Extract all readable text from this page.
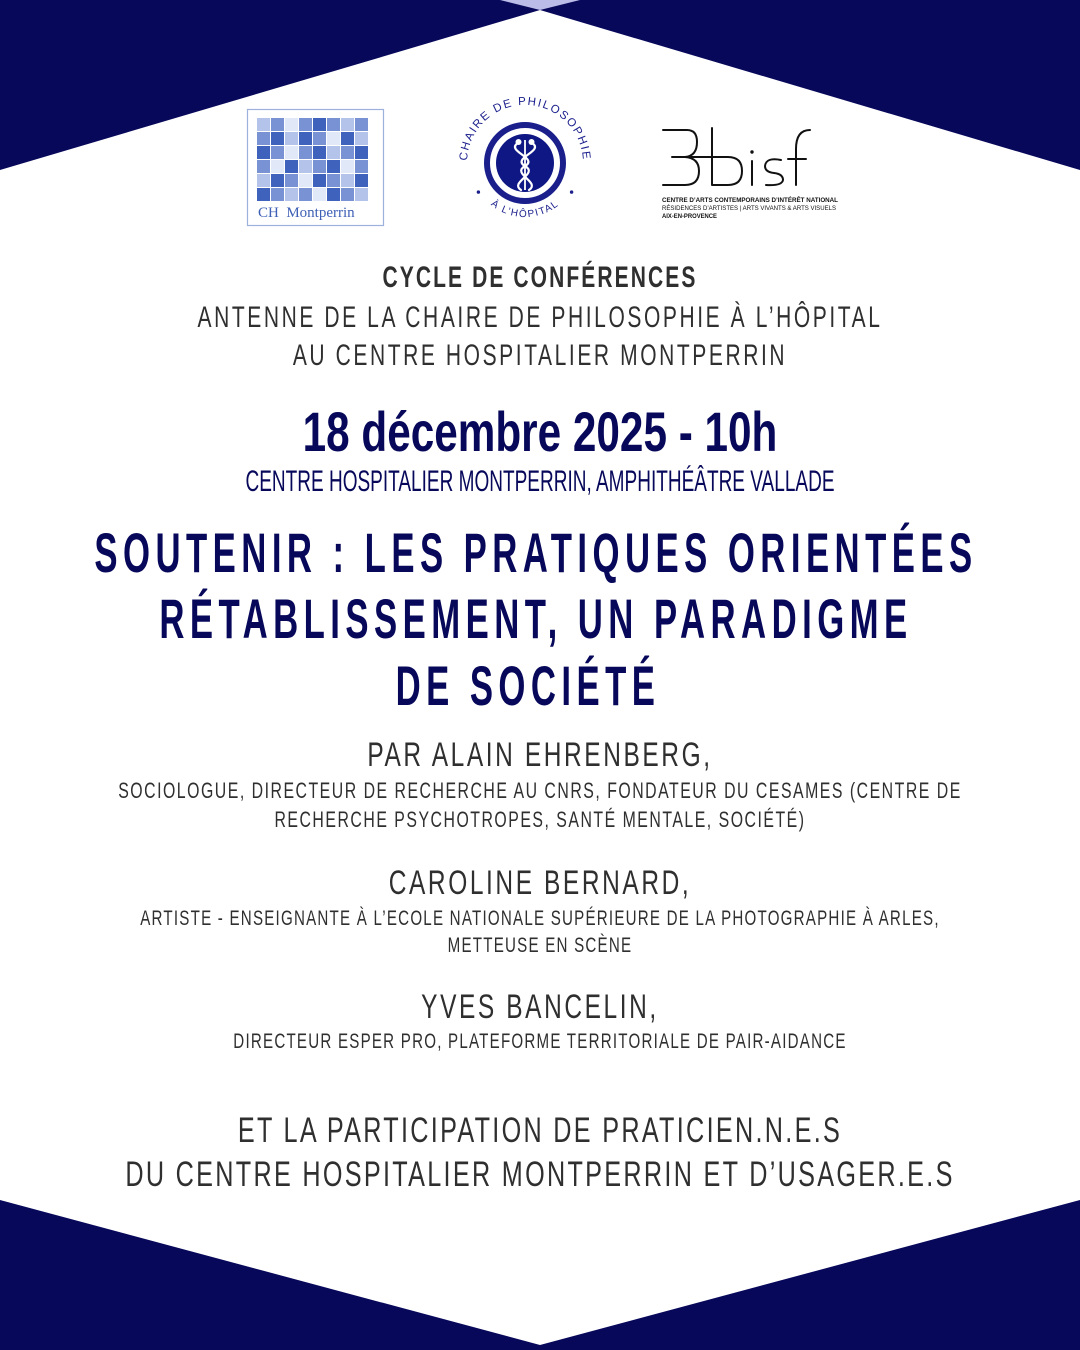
CH  Montperrin
CHAIRE DE PHILOSOPHIE
À L’HÔPITAL	CENTRE D’ARTS CONTEMPORAINS D’INTÉRÊT NATIONAL
RÉSIDENCES D’ARTISTES | ARTS VIVANTS & ARTS VISUELS
AIX-EN-PROVENCE
CYCLE DE CONFÉRENCES
ANTENNE DE LA CHAIRE DE PHILOSOPHIE À L’HÔPITAL
AU CENTRE HOSPITALIER MONTPERRIN
18 décembre 2025 - 10h
CENTRE HOSPITALIER MONTPERRIN, AMPHITHÉÂTRE VALLADE
SOUTENIR : LES PRATIQUES ORIENTÉES
RÉTABLISSEMENT, UN PARADIGME
DE SOCIÉTÉ
PAR ALAIN EHRENBERG,
SOCIOLOGUE, DIRECTEUR DE RECHERCHE AU CNRS, FONDATEUR DU CESAMES (CENTRE DE
RECHERCHE PSYCHOTROPES, SANTÉ MENTALE, SOCIÉTÉ)
CAROLINE BERNARD,
ARTISTE - ENSEIGNANTE À L’ECOLE NATIONALE SUPÉRIEURE DE LA PHOTOGRAPHIE À ARLES,
METTEUSE EN SCÈNE
YVES BANCELIN,
DIRECTEUR ESPER PRO, PLATEFORME TERRITORIALE DE PAIR-AIDANCE
ET LA PARTICIPATION DE PRATICIEN.N.E.S
DU CENTRE HOSPITALIER MONTPERRIN ET D’USAGER.E.S
